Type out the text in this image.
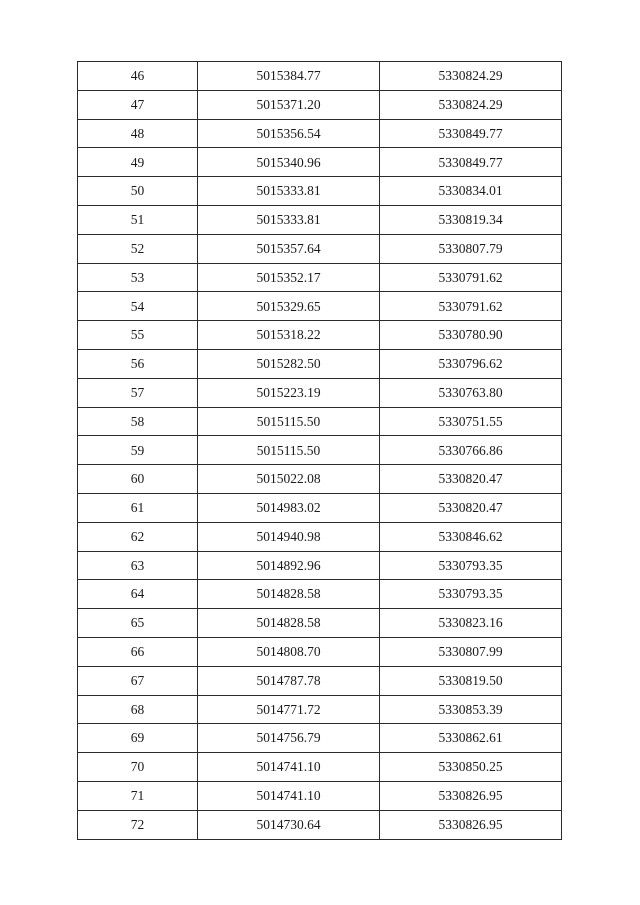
46	5015384.77	5330824.29
47	5015371.20	5330824.29
48	5015356.54	5330849.77
49	5015340.96	5330849.77
50	5015333.81	5330834.01
51	5015333.81	5330819.34
52	5015357.64	5330807.79
53	5015352.17	5330791.62
54	5015329.65	5330791.62
55	5015318.22	5330780.90
56	5015282.50	5330796.62
57	5015223.19	5330763.80
58	5015115.50	5330751.55
59	5015115.50	5330766.86
60	5015022.08	5330820.47
61	5014983.02	5330820.47
62	5014940.98	5330846.62
63	5014892.96	5330793.35
64	5014828.58	5330793.35
65	5014828.58	5330823.16
66	5014808.70	5330807.99
67	5014787.78	5330819.50
68	5014771.72	5330853.39
69	5014756.79	5330862.61
70	5014741.10	5330850.25
71	5014741.10	5330826.95
72	5014730.64	5330826.95
